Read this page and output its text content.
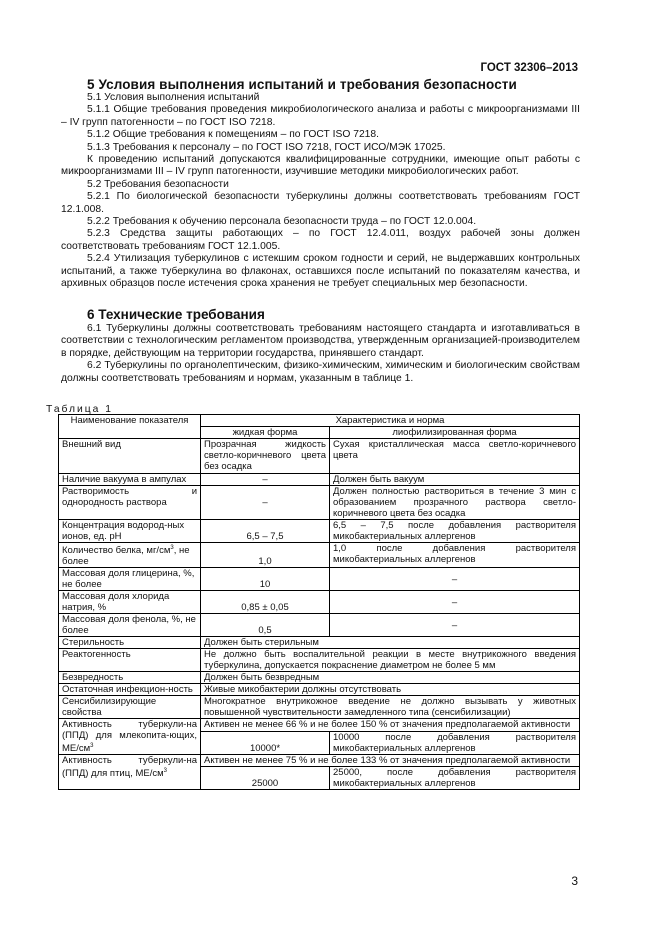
ГОСТ 32306–2013
5 Условия выполнения испытаний и требования безопасности

5.1 Условия выполнения испытаний

5.1.1 Общие требования проведения микробиологического анализа и работы с микроорганизмами III – IV групп патогенности – по ГОСТ ISO 7218.

5.1.2 Общие требования к помещениям – по ГОСТ ISO 7218.

5.1.3 Требования к персоналу – по ГОСТ ISO 7218, ГОСТ ИСО/МЭК 17025.

К проведению испытаний допускаются квалифицированные сотрудники, имеющие опыт работы с микроорганизмами III – IV групп патогенности, изучившие методики микробиологических работ.

5.2 Требования безопасности

5.2.1 По биологической безопасности туберкулины должны соответствовать требованиям ГОСТ 12.1.008.

5.2.2 Требования к обучению персонала безопасности труда – по ГОСТ 12.0.004.

5.2.3 Средства защиты работающих – по ГОСТ 12.4.011, воздух рабочей зоны должен соответствовать требованиям ГОСТ 12.1.005.

5.2.4 Утилизация туберкулинов с истекшим сроком годности и серий, не выдержавших контрольных испытаний, а также туберкулина во флаконах, оставшихся после испытаний по показателям качества, и архивных образцов после истечения срока хранения не требует специальных мер безопасности.

6 Технические требования

6.1 Туберкулины должны соответствовать требованиям настоящего стандарта и изготавливаться в соответствии с технологическим регламентом производства, утвержденным организацией-производителем в порядке, действующим на территории государства, принявшего стандарт.

6.2 Туберкулины по органолептическим, физико-химическим, химическим и биологическим свойствам должны соответствовать требованиям и нормам, указанным в таблице 1.

Таблица 1
Наименование показателя	Характеристика и норма	
	жидкая форма	лиофилизированная форма
Внешний вид	Прозрачная жидкость светло-коричневого цвета без осадка	Сухая кристаллическая масса светло-коричневого цвета
Наличие вакуума в ампулах	–	Должен быть вакуум
Растворимость и однородность раствора	–	Должен полностью раствориться в течение 3 мин с образованием прозрачного раствора светло-коричневого цвета без осадка
Концентрация водород-ных ионов, ед. pH	6,5 – 7,5	6,5 – 7,5 после добавления растворителя микобактериальных аллергенов
Количество белка, $мг/см^3$, не более	1,0	1,0 после добавления растворителя микобактериальных аллергенов
Массовая доля глицерина, %, не более	10	–
Массовая доля хлорида натрия, %	0,85 ± 0,05	–
Массовая доля фенола, %, не более	0,5	–
Стерильность	Должен быть стерильным	
Реактогенность	Не должно быть воспалительной реакции в месте внутрикожного введения туберкулина, допускается покраснение диаметром не более 5 мм	
Безвредность	Должен быть безвредным	
Остаточная инфекцион-ность	Живые микобактерии должны отсутствовать	
Сенсибилизирующие свойства	Многократное внутрикожное введение не должно вызывать у животных повышенной чувствительности замедленного типа (сенсибилизации)	
Активность туберкули-на (ППД) для млекопита-ющих, $МЕ/см^3$	Активен не менее 66 % и не более 150 % от значения предполагаемой активности	
	10000*	10000 после добавления растворителя микобактериальных аллергенов
Активность туберкули-на (ППД) для птиц, $МЕ/см^3$	Активен не менее 75 % и не более 133 % от значения предполагаемой активности	
	25000	25000, после добавления растворителя микобактериальных аллергенов
3
